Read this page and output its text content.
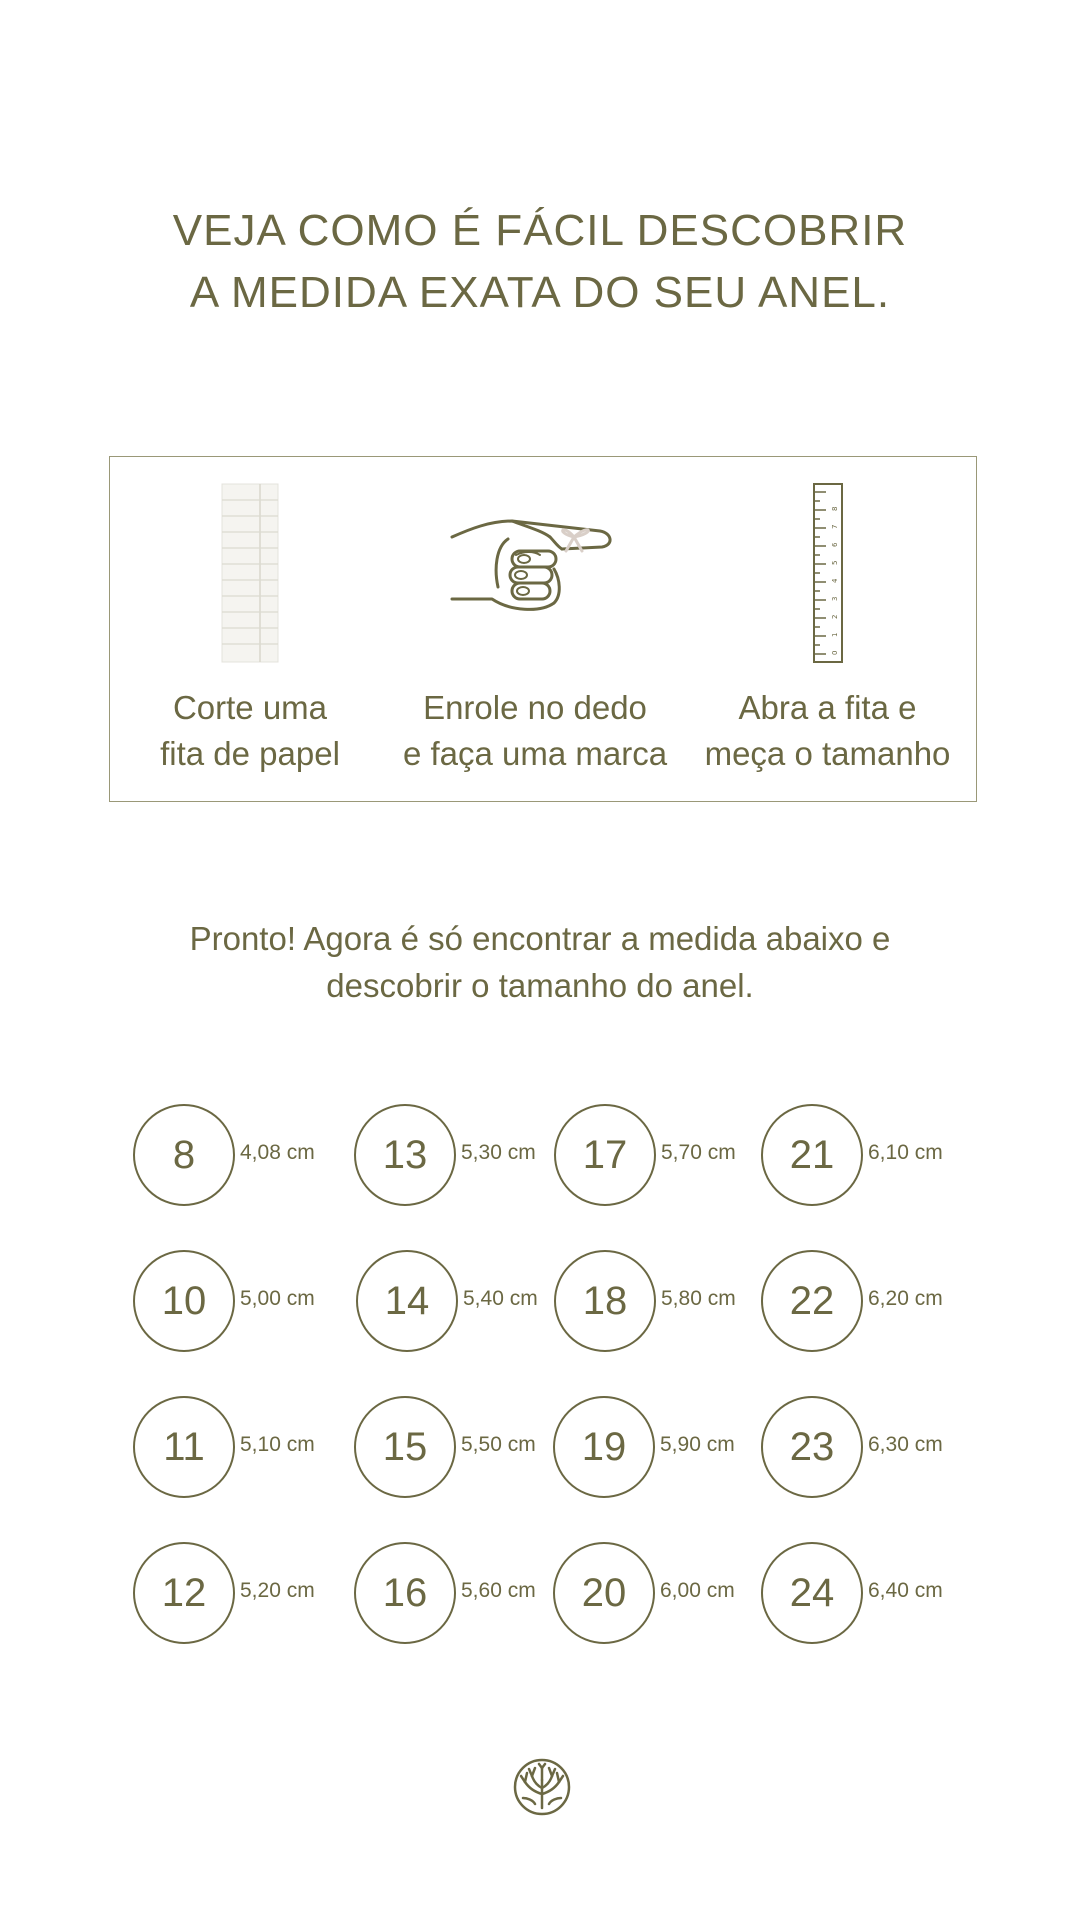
VEJA COMO É FÁCIL DESCOBRIR
A MEDIDA EXATA DO SEU ANEL.
Corte uma
fita de papel
Enrole no dedo
e faça uma marca
0
1
2
3
4
5
6
7
8
Abra a fita e
meça o tamanho
Pronto! Agora é só encontrar a medida abaixo e
descobrir o tamanho do anel.
8	4,08 cm	13	5,30 cm	17	5,70 cm	21	6,10 cm
10	5,00 cm	14	5,40 cm	18	5,80 cm	22	6,20 cm
11	5,10 cm	15	5,50 cm	19	5,90 cm	23	6,30 cm
12	5,20 cm	16	5,60 cm	20	6,00 cm	24	6,40 cm
